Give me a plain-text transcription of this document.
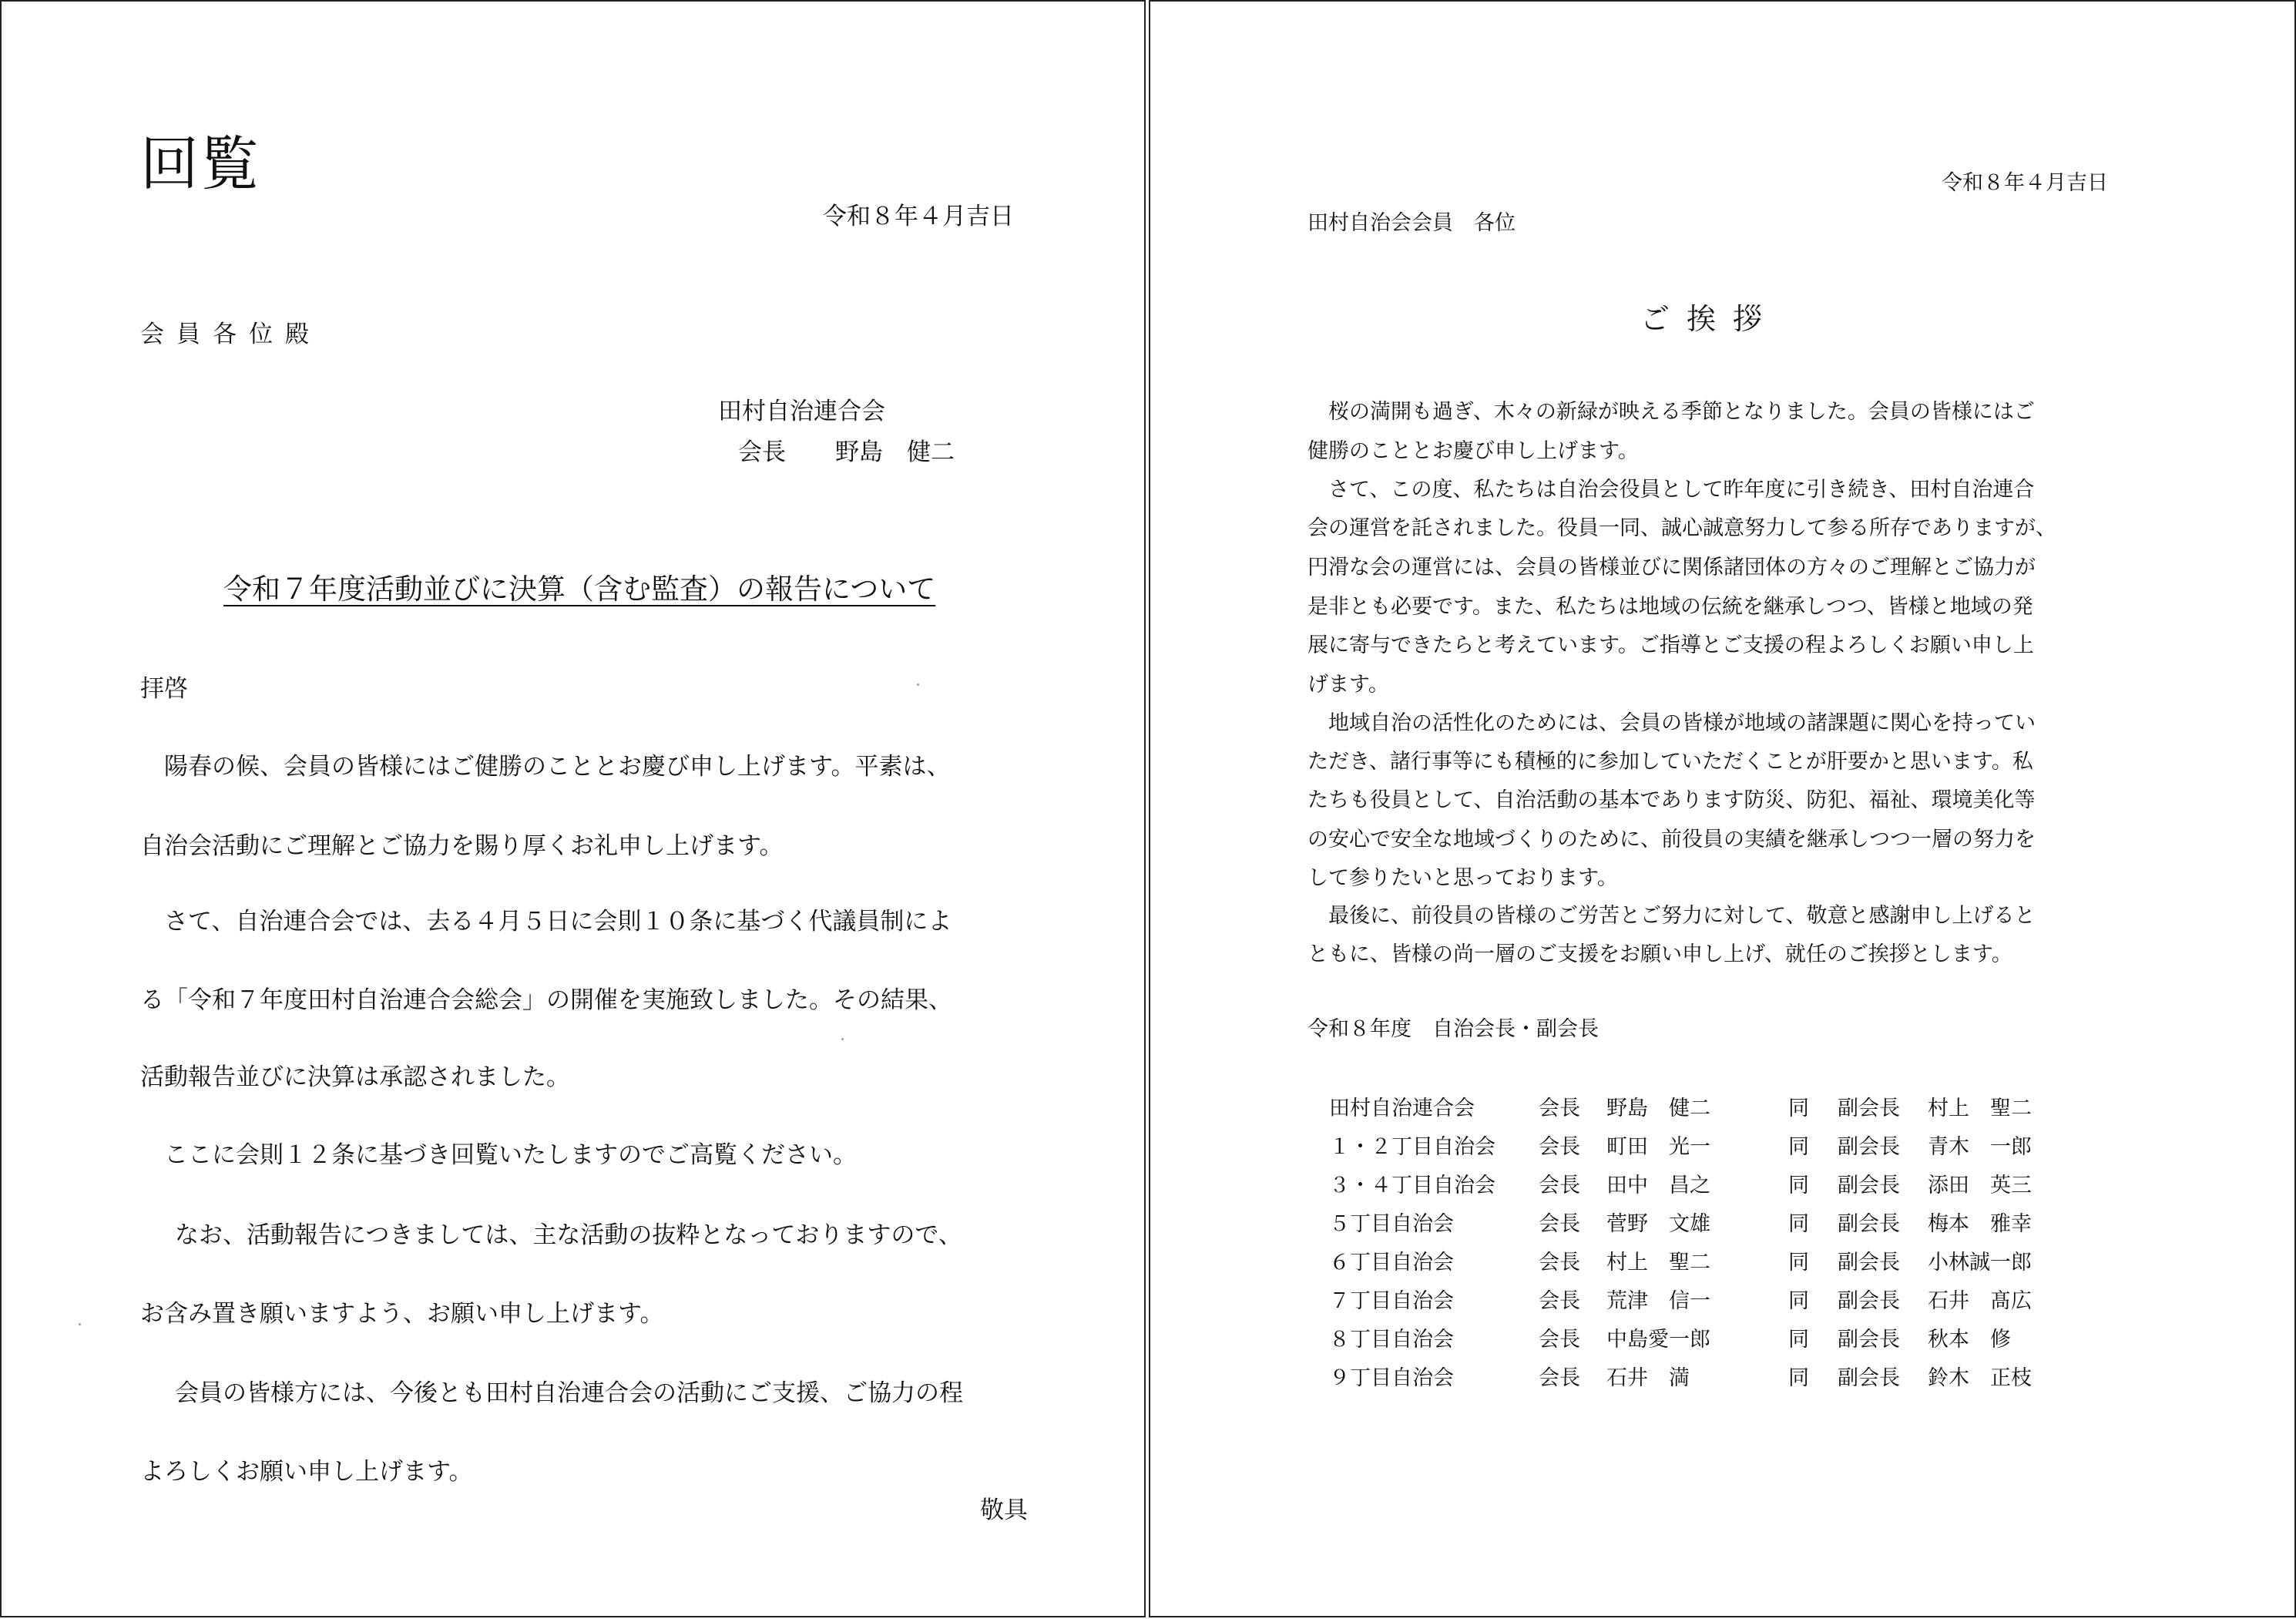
回覧
令和８年４月吉日
会員各位殿
田村自治連合会
会長 野島　健二
令和７年度活動並びに決算（含む監査）の報告について
拝啓
　陽春の候、会員の皆様にはご健勝のこととお慶び申し上げます。平素は、
自治会活動にご理解とご協力を賜り厚くお礼申し上げます。
　さて、自治連合会では、去る４月５日に会則１０条に基づく代議員制によ
る「令和７年度田村自治連合会総会」の開催を実施致しました。その結果、
活動報告並びに決算は承認されました。
　ここに会則１２条に基づき回覧いたしますのでご高覧ください。
　なお、活動報告につきましては、主な活動の抜粋となっておりますので、
お含み置き願いますよう、お願い申し上げます。
　会員の皆様方には、今後とも田村自治連合会の活動にご支援、ご協力の程
よろしくお願い申し上げます。
敬具
令和８年４月吉日
田村自治会会員　各位
ご挨拶
　桜の満開も過ぎ、木々の新緑が映える季節となりました。会員の皆様にはご
健勝のこととお慶び申し上げます。
　さて、この度、私たちは自治会役員として昨年度に引き続き、田村自治連合
会の運営を託されました。役員一同、誠心誠意努力して参る所存でありますが、
円滑な会の運営には、会員の皆様並びに関係諸団体の方々のご理解とご協力が
是非とも必要です。また、私たちは地域の伝統を継承しつつ、皆様と地域の発
展に寄与できたらと考えています。ご指導とご支援の程よろしくお願い申し上
げます。
　地域自治の活性化のためには、会員の皆様が地域の諸課題に関心を持ってい
ただき、諸行事等にも積極的に参加していただくことが肝要かと思います。私
たちも役員として、自治活動の基本であります防災、防犯、福祉、環境美化等
の安心で安全な地域づくりのために、前役員の実績を継承しつつ一層の努力を
して参りたいと思っております。
　最後に、前役員の皆様のご労苦とご努力に対して、敬意と感謝申し上げると
ともに、皆様の尚一層のご支援をお願い申し上げ、就任のご挨拶とします。
令和８年度　自治会長・副会長
田村自治連合会	会長	野島　健二	同	副会長	村上　聖二
１・２丁目自治会	会長	町田　光一	同	副会長	青木　一郎
３・４丁目自治会	会長	田中　昌之	同	副会長	添田　英三
５丁目自治会	会長	菅野　文雄	同	副会長	梅本　雅幸
６丁目自治会	会長	村上　聖二	同	副会長	小林誠一郎
７丁目自治会	会長	荒津　信一	同	副会長	石井　髙広
８丁目自治会	会長	中島愛一郎	同	副会長	秋本　修
９丁目自治会	会長	石井　満	同	副会長	鈴木　正枝
